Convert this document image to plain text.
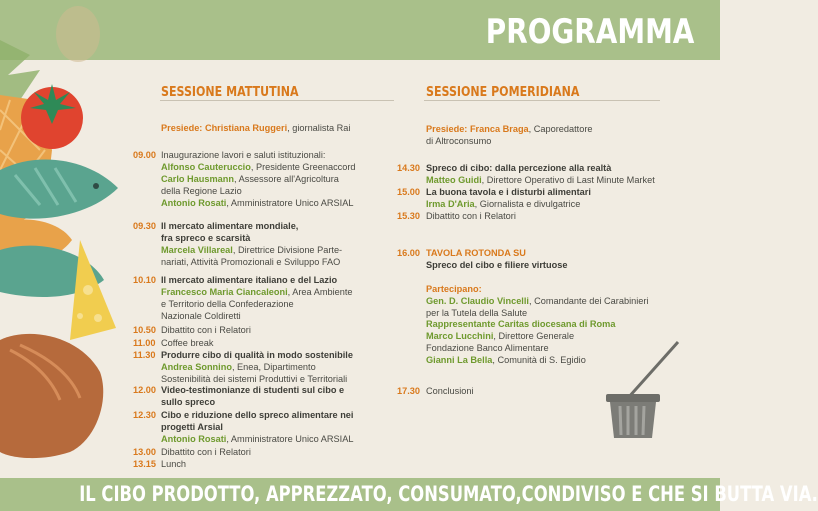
PROGRAMMA
SESSIONE MATTUTINA	SESSIONE POMERIDIANA
Presiede: Christiana Ruggeri, giornalista Rai
09.00 Inaugurazione lavori e saluti istituzionali:
Alfonso Cauteruccio, Presidente Greenaccord
Carlo Hausmann, Assessore all'Agricoltura
della Regione Lazio
Antonio Rosati, Amministratore Unico ARSIAL
09.30 Il mercato alimentare mondiale,
fra spreco e scarsità
Marcela Villareal, Direttrice Divisione Parte-
nariati, Attività Promozionali e Sviluppo FAO
10.10 Il mercato alimentare italiano e del Lazio
Francesco Maria Ciancaleoni, Area Ambiente
e Territorio della Confederazione
Nazionale Coldiretti
10.50 Dibattito con i Relatori
11.00 Coffee break
11.30 Produrre cibo di qualità in modo sostenibile
Andrea Sonnino, Enea, Dipartimento
Sostenibilità dei sistemi Produttivi e Territoriali
12.00 Video-testimonianze di studenti sul cibo e
sullo spreco
12.30 Cibo e riduzione dello spreco alimentare nei
progetti Arsial
Antonio Rosati, Amministratore Unico ARSIAL
13.00 Dibattito con i Relatori
13.15 Lunch
Presiede: Franca Braga, Caporedattore
di Altroconsumo
14.30 Spreco di cibo: dalla percezione alla realtà
Matteo Guidi, Direttore Operativo di Last Minute Market
15.00 La buona tavola e i disturbi alimentari
Irma D'Aria, Giornalista e divulgatrice
15.30 Dibattito con i Relatori
16.00 TAVOLA ROTONDA SU
Spreco del cibo e filiere virtuose

Partecipano:
Gen. D. Claudio Vincelli, Comandante dei Carabinieri
per la Tutela della Salute
Rappresentante Caritas diocesana di Roma
Marco Lucchini, Direttore Generale
Fondazione Banco Alimentare
Gianni La Bella, Comunità di S. Egidio
17.30 Conclusioni
IL CIBO PRODOTTO, APPREZZATO, CONSUMATO,CONDIVISO E CHE SI BUTTA VIA.
